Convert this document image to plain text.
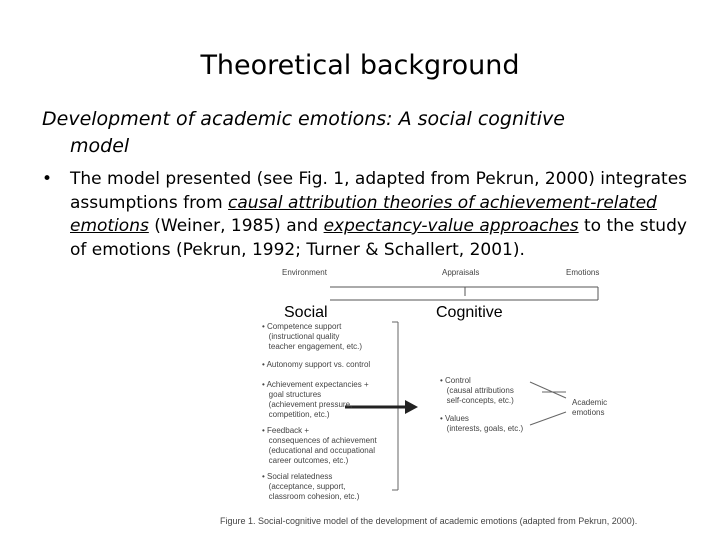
Theoretical background
Development of academic emotions: A social cognitive
model
• The model presented (see Fig. 1, adapted from Pekrun, 2000) integrates assumptions from causal attribution theories of achievement-related emotions (Weiner, 1985) and expectancy-value approaches to the study of emotions (Pekrun, 1992; Turner & Schallert, 2001).
Environment	Appraisals	Emotions
Social	Cognitive
• Competence support
(instructional quality
teacher engagement, etc.)
• Autonomy support vs. control
• Achievement expectancies +
goal structures
(achievement pressure,
competition, etc.)
• Feedback +
consequences of achievement
(educational and occupational
career outcomes, etc.)
• Social relatedness
(acceptance, support,
classroom cohesion, etc.)
• Control
(causal attributions
self-concepts, etc.)
• Values
(interests, goals, etc.)
Academic
emotions
Figure 1. Social-cognitive model of the development of academic emotions (adapted from Pekrun, 2000).
